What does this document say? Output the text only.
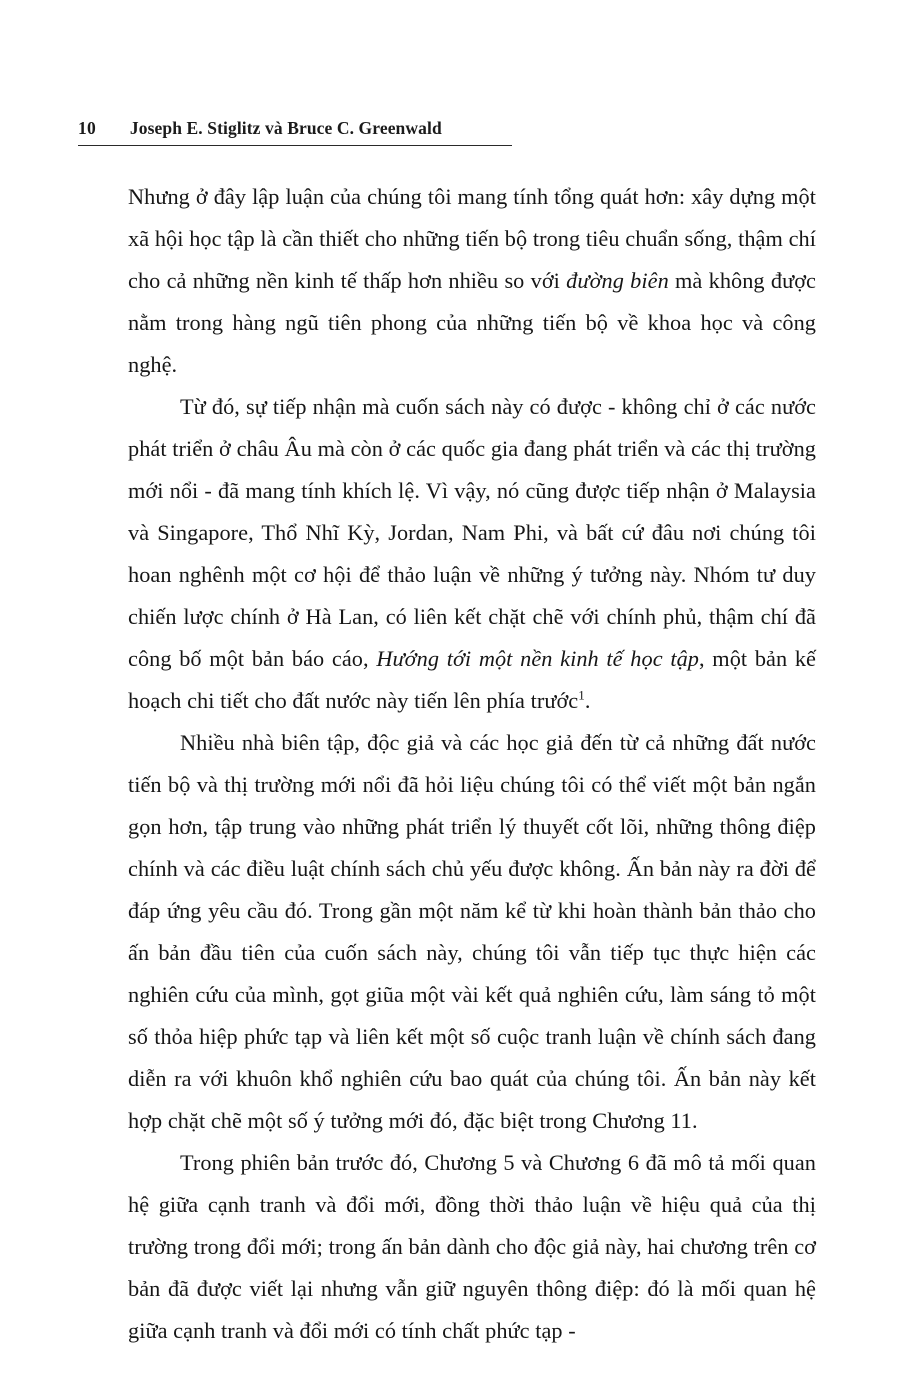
10 Joseph E. Stiglitz và Bruce C. Greenwald

Nhưng ở đây lập luận của chúng tôi mang tính tổng quát hơn: xây dựng một xã hội học tập là cần thiết cho những tiến bộ trong tiêu chuẩn sống, thậm chí cho cả những nền kinh tế thấp hơn nhiều so với đường biên mà không được nằm trong hàng ngũ tiên phong của những tiến bộ về khoa học và công nghệ.

Từ đó, sự tiếp nhận mà cuốn sách này có được - không chỉ ở các nước phát triển ở châu Âu mà còn ở các quốc gia đang phát triển và các thị trường mới nổi - đã mang tính khích lệ. Vì vậy, nó cũng được tiếp nhận ở Malaysia và Singapore, Thổ Nhĩ Kỳ, Jordan, Nam Phi, và bất cứ đâu nơi chúng tôi hoan nghênh một cơ hội để thảo luận về những ý tưởng này. Nhóm tư duy chiến lược chính ở Hà Lan, có liên kết chặt chẽ với chính phủ, thậm chí đã công bố một bản báo cáo, Hướng tới một nền kinh tế học tập, một bản kế hoạch chi tiết cho đất nước này tiến lên phía trước$^1$.

Nhiều nhà biên tập, độc giả và các học giả đến từ cả những đất nước tiến bộ và thị trường mới nổi đã hỏi liệu chúng tôi có thể viết một bản ngắn gọn hơn, tập trung vào những phát triển lý thuyết cốt lõi, những thông điệp chính và các điều luật chính sách chủ yếu được không. Ấn bản này ra đời để đáp ứng yêu cầu đó. Trong gần một năm kể từ khi hoàn thành bản thảo cho ấn bản đầu tiên của cuốn sách này, chúng tôi vẫn tiếp tục thực hiện các nghiên cứu của mình, gọt giũa một vài kết quả nghiên cứu, làm sáng tỏ một số thỏa hiệp phức tạp và liên kết một số cuộc tranh luận về chính sách đang diễn ra với khuôn khổ nghiên cứu bao quát của chúng tôi. Ấn bản này kết hợp chặt chẽ một số ý tưởng mới đó, đặc biệt trong Chương 11.

Trong phiên bản trước đó, Chương 5 và Chương 6 đã mô tả mối quan hệ giữa cạnh tranh và đổi mới, đồng thời thảo luận về hiệu quả của thị trường trong đổi mới; trong ấn bản dành cho độc giả này, hai chương trên cơ bản đã được viết lại nhưng vẫn giữ nguyên thông điệp: đó là mối quan hệ giữa cạnh tranh và đổi mới có tính chất phức tạp -
